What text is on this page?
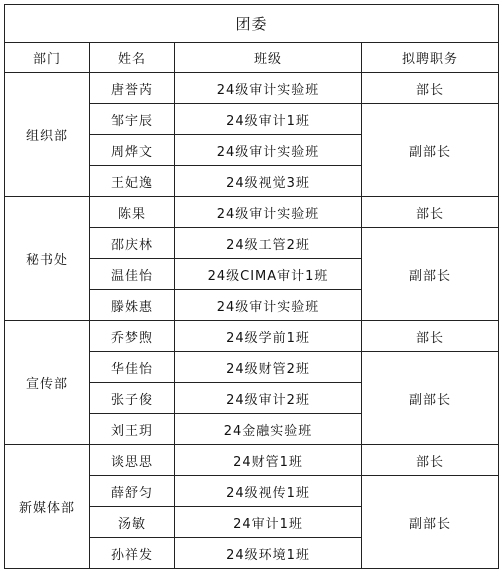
团委			
部门	姓名	班级	拟聘职务
组织部	唐誉芮	24级审计实验班	部长
	邹宇辰	24级审计1班	副部长
	周烨文	24级审计实验班	
	王妃逸	24级视觉3班	
秘书处	陈果	24级审计实验班	部长
	邵庆林	24级工管2班	副部长
	温佳怡	24级CIMA审计1班	
	滕姝惠	24级审计实验班	
宣传部	乔梦煦	24级学前1班	部长
	华佳怡	24级财管2班	副部长
	张子俊	24级审计2班	
	刘王玥	24金融实验班	
新媒体部	谈思思	24财管1班	部长
	薛舒匀	24级视传1班	副部长
	汤敏	24审计1班	
	孙祥发	24级环境1班	
